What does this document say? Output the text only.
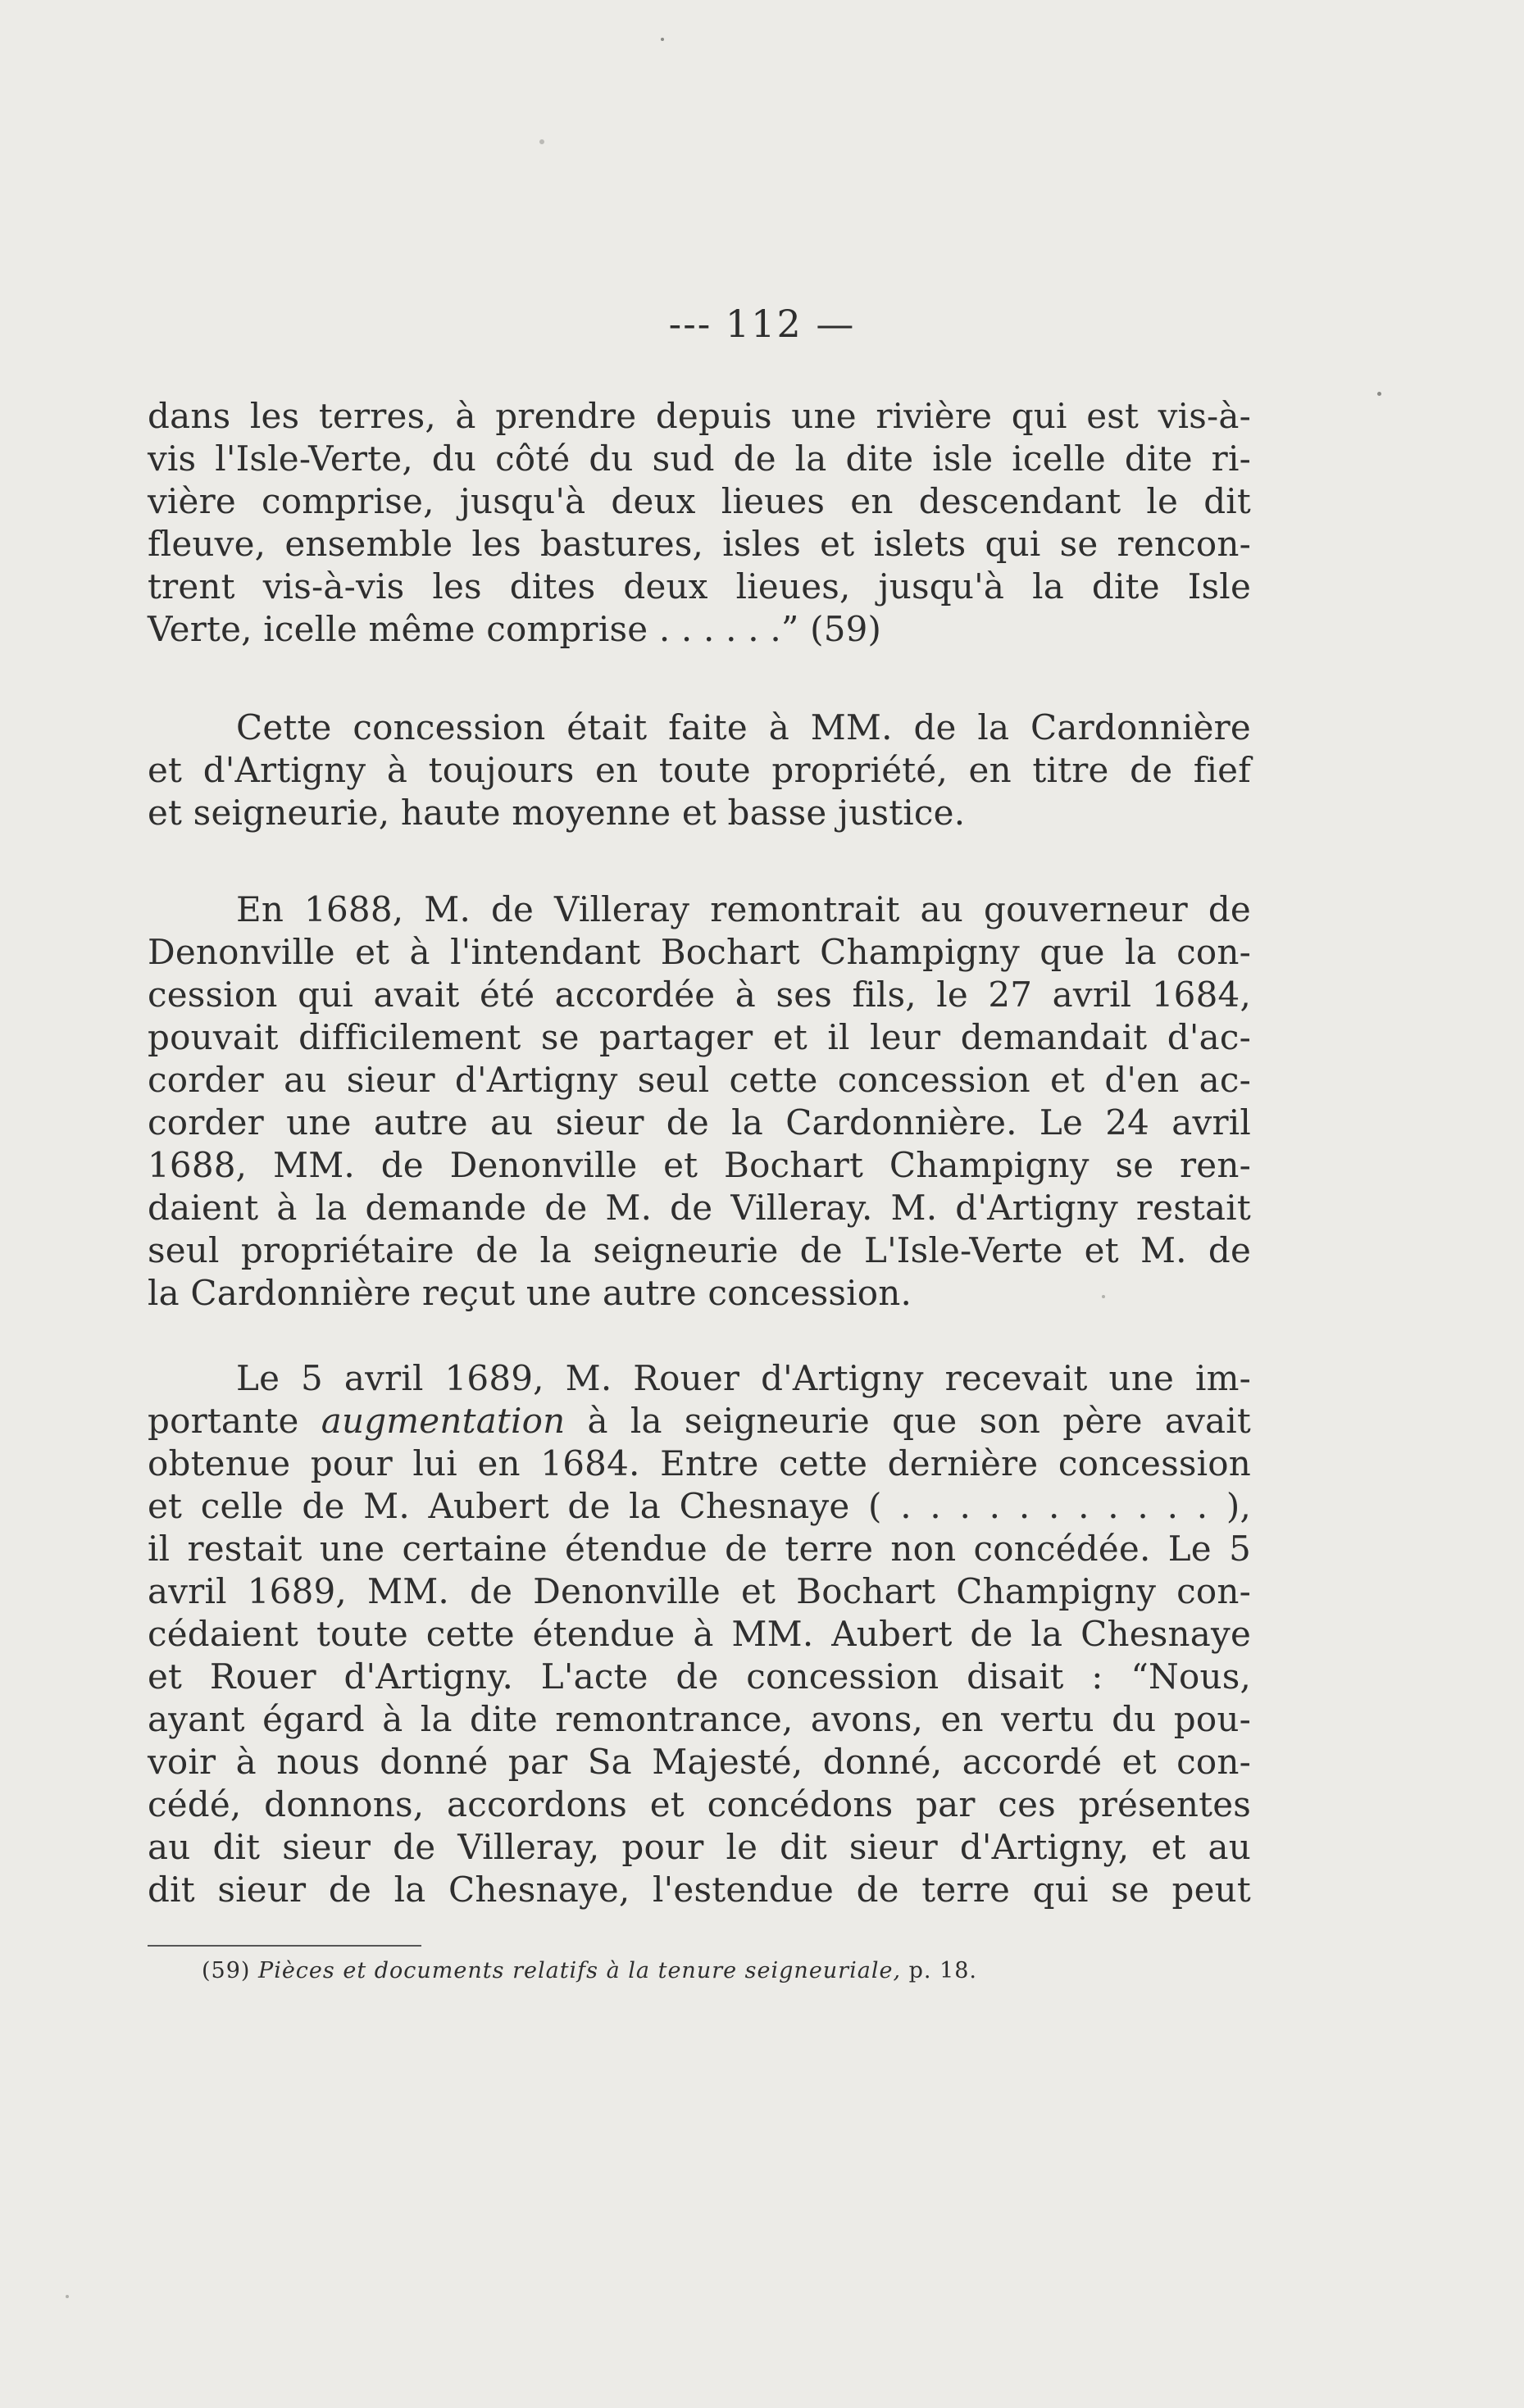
--- 112 —
dans les terres, à prendre depuis une rivière qui est vis-à-
vis l'Isle-Verte, du côté du sud de la dite isle icelle dite ri-
vière comprise, jusqu'à deux lieues en descendant le dit
fleuve, ensemble les bastures, isles et islets qui se rencon-
trent vis-à-vis les dites deux lieues, jusqu'à la dite Isle
Verte, icelle même comprise . . . . . .” (59)
Cette concession était faite à MM. de la Cardonnière
et d'Artigny à toujours en toute propriété, en titre de fief
et seigneurie, haute moyenne et basse justice.
En 1688, M. de Villeray remontrait au gouverneur de
Denonville et à l'intendant Bochart Champigny que la con-
cession qui avait été accordée à ses fils, le 27 avril 1684,
pouvait difficilement se partager et il leur demandait d'ac-
corder au sieur d'Artigny seul cette concession et d'en ac-
corder une autre au sieur de la Cardonnière. Le 24 avril
1688, MM. de Denonville et Bochart Champigny se ren-
daient à la demande de M. de Villeray. M. d'Artigny restait
seul propriétaire de la seigneurie de L'Isle-Verte et M. de
la Cardonnière reçut une autre concession.
Le 5 avril 1689, M. Rouer d'Artigny recevait une im-
portante augmentation à la seigneurie que son père avait
obtenue pour lui en 1684. Entre cette dernière concession
et celle de M. Aubert de la Chesnaye ( . . . . . . . . . . . ),
il restait une certaine étendue de terre non concédée. Le 5
avril 1689, MM. de Denonville et Bochart Champigny con-
cédaient toute cette étendue à MM. Aubert de la Chesnaye
et Rouer d'Artigny. L'acte de concession disait : “Nous,
ayant égard à la dite remontrance, avons, en vertu du pou-
voir à nous donné par Sa Majesté, donné, accordé et con-
cédé, donnons, accordons et concédons par ces présentes
au dit sieur de Villeray, pour le dit sieur d'Artigny, et au
dit sieur de la Chesnaye, l'estendue de terre qui se peut
(59) Pièces et documents relatifs à la tenure seigneuriale, p. 18.
